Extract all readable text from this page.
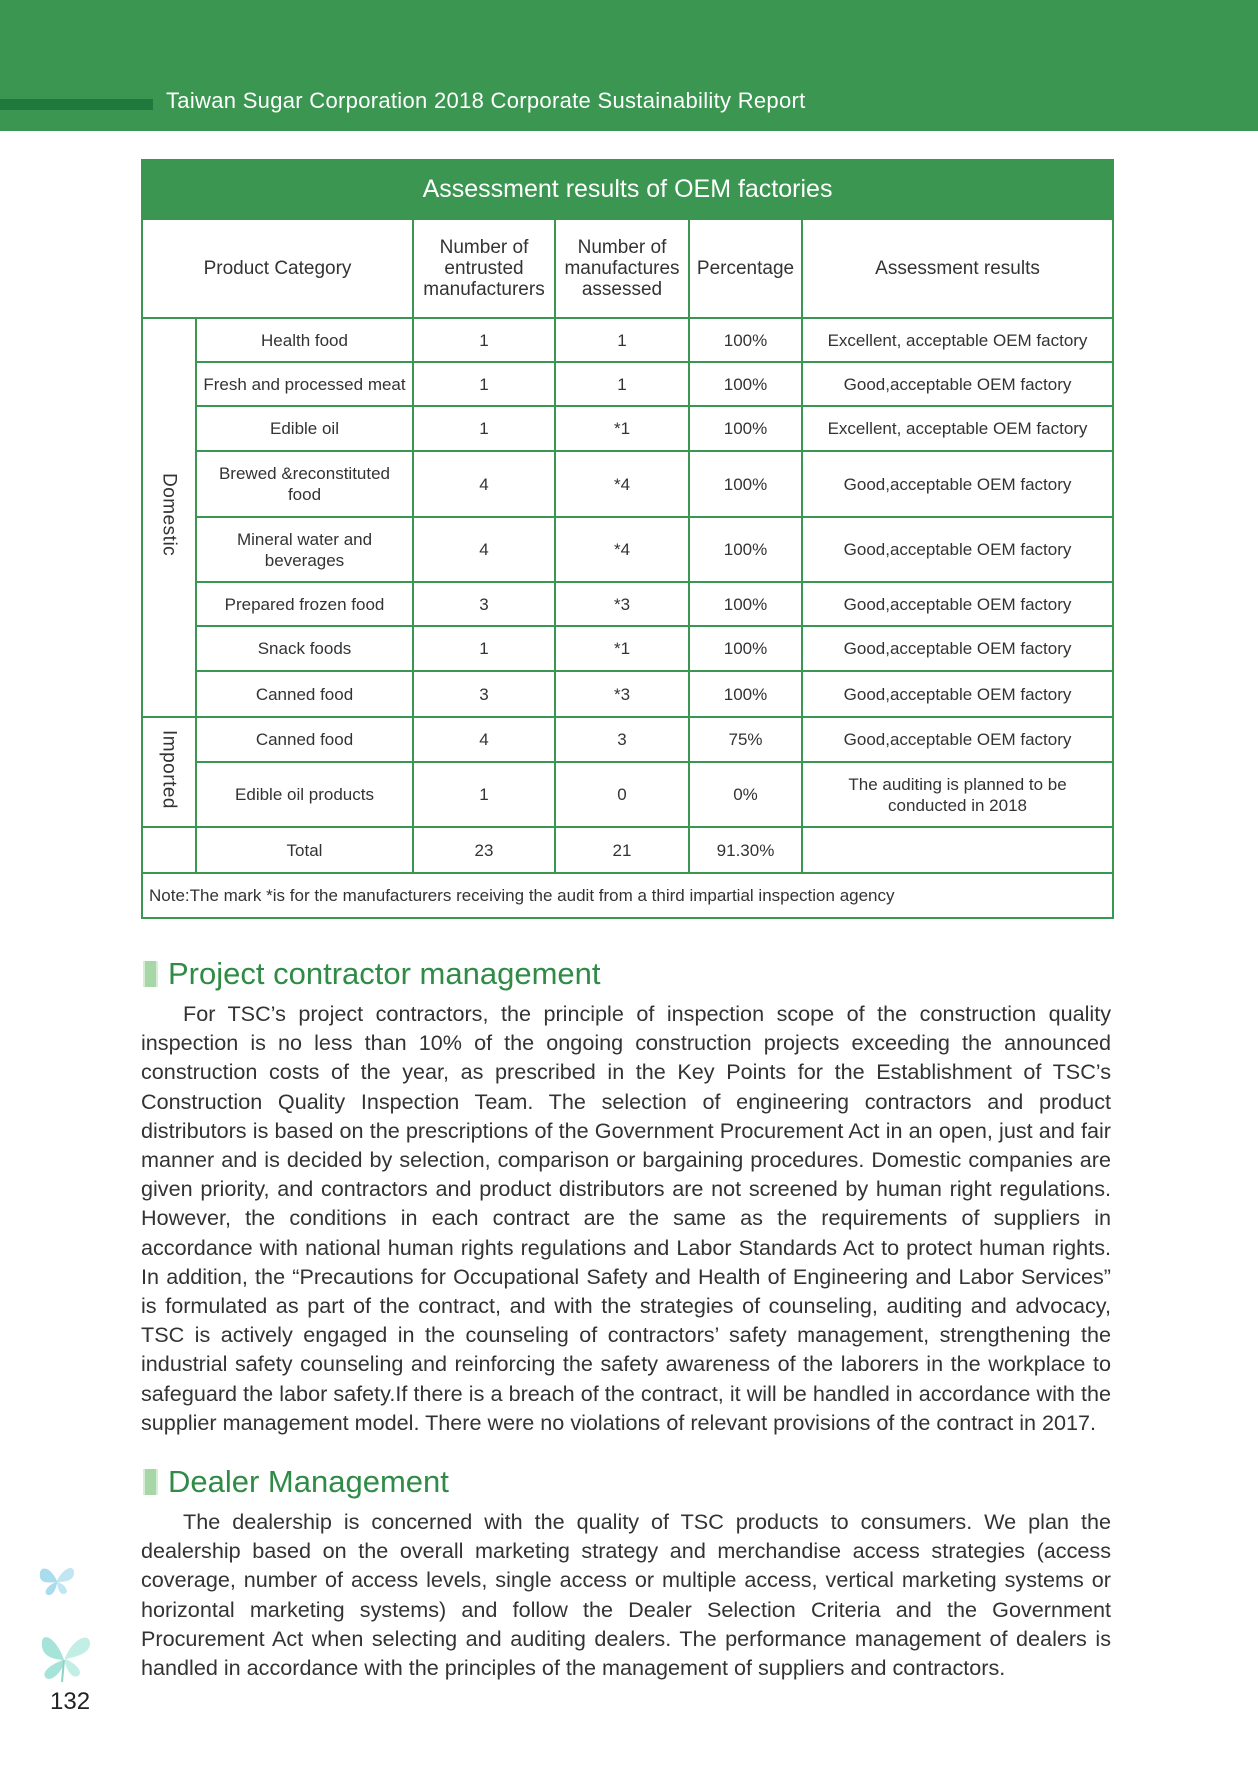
Taiwan Sugar Corporation 2018 Corporate Sustainability Report
Assessment results of OEM factories					
Product Category		Number of entrusted manufacturers	Number of manufactures assessed	Percentage	Assessment results
Domestic	Health food	1	1	100%	Excellent, acceptable OEM factory
	Fresh and processed meat	1	1	100%	Good,acceptable OEM factory
	Edible oil	1	*1	100%	Excellent, acceptable OEM factory
	Brewed &reconstituted food	4	*4	100%	Good,acceptable OEM factory
	Mineral water and beverages	4	*4	100%	Good,acceptable OEM factory
	Prepared frozen food	3	*3	100%	Good,acceptable OEM factory
	Snack foods	1	*1	100%	Good,acceptable OEM factory
	Canned food	3	*3	100%	Good,acceptable OEM factory
Imported	Canned food	4	3	75%	Good,acceptable OEM factory
	Edible oil products	1	0	0%	The auditing is planned to be conducted in 2018
	Total	23	21	91.30%	
Note:The mark *is for the manufacturers receiving the audit from a third impartial inspection agency					
Project contractor management
For TSC’s project contractors, the principle of inspection scope of the construction quality inspection is no less than 10% of the ongoing construction projects exceeding the announced construction costs of the year, as prescribed in the Key Points for the Establishment of TSC’s Construction Quality Inspection Team. The selection of engineering contractors and product distributors is based on the prescriptions of the Government Procurement Act in an open, just and fair manner and is decided by selection, comparison or bargaining procedures. Domestic companies are given priority, and contractors and product distributors are not screened by human right regulations. However, the conditions in each contract are the same as the requirements of suppliers in accordance with national human rights regulations and Labor Standards Act to protect human rights. In addition, the “Precautions for Occupational Safety and Health of Engineering and Labor Services” is formulated as part of the contract, and with the strategies of counseling, auditing and advocacy, TSC is actively engaged in the counseling of contractors’ safety management, strengthening the industrial safety counseling and reinforcing the safety awareness of the laborers in the workplace to safeguard the labor safety.If there is a breach of the contract, it will be handled in accordance with the supplier management model. There were no violations of relevant provisions of the contract in 2017.
Dealer Management
The dealership is concerned with the quality of TSC products to consumers. We plan the dealership based on the overall marketing strategy and merchandise access strategies (access coverage, number of access levels, single access or multiple access, vertical marketing systems or horizontal marketing systems) and follow the Dealer Selection Criteria and the Government Procurement Act when selecting and auditing dealers. The performance management of dealers is handled in accordance with the principles of the management of suppliers and contractors.
132
